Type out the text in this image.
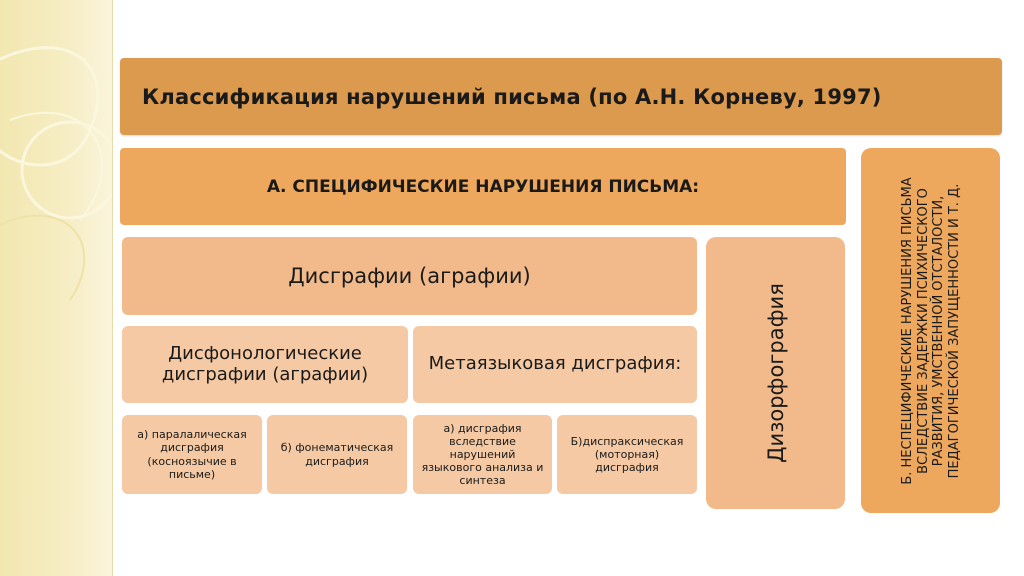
Классификация нарушений письма (по А.Н. Корневу, 1997)
А. СПЕЦИФИЧЕСКИЕ НАРУШЕНИЯ ПИСЬМА:
Дисграфии (аграфии)
Дисфонологические дисграфии (аграфии)	Метаязыковая дисграфия:
а) паралалическая дисграфия (косноязычие в письме)
б) фонематическая дисграфия
а) дисграфия вследствие нарушений языкового анализа и синтеза
Б)диспраксическая (моторная) дисграфия
Дизорфография	Б. НЕСПЕЦИФИЧЕСКИЕ НАРУШЕНИЯ ПИСЬМА ВСЛЕДСТВИЕ ЗАДЕРЖКИ ПСИХИЧЕСКОГО РАЗВИТИЯ, УМСТВЕННОЙ ОТСТАЛОСТИ, ПЕДАГОГИЧЕСКОЙ ЗАПУЩЕННОСТИ И Т. Д.
